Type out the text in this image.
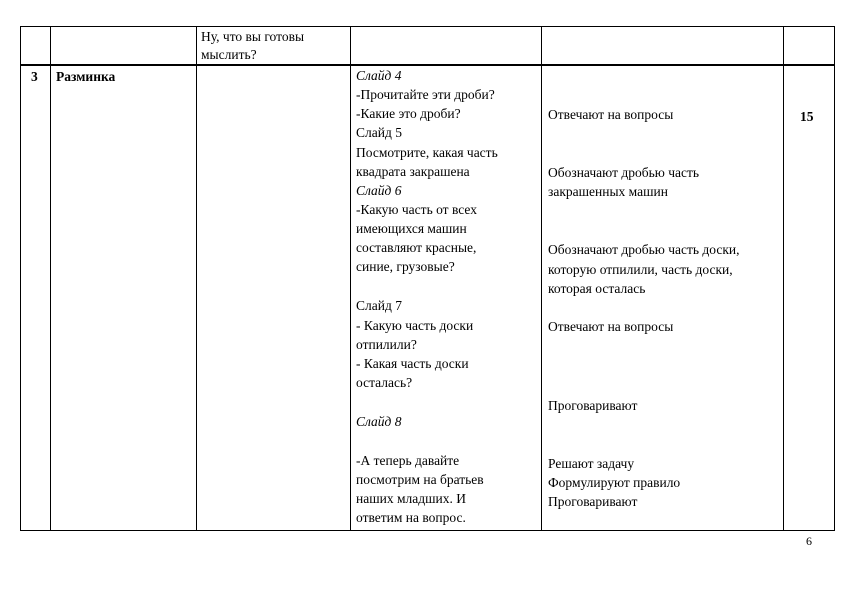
Ну, что вы готовы
мыслить?
3 Разминка
15
Слайд 4
-Прочитайте эти дроби?
-Какие это дроби?
Слайд 5
Посмотрите, какая часть
квадрата закрашена
Слайд 6
-Какую часть от всех
имеющихся машин
составляют красные,
синие, грузовые?
Слайд 7
- Какую часть доски
отпилили?
- Какая часть доски
осталась?
Слайд 8
-А теперь давайте
посмотрим на братьев
наших младших. И
ответим на вопрос.
Отвечают на вопросы
Обозначают дробью часть
закрашенных машин
Обозначают дробью часть доски,
которую отпилили, часть доски,
которая осталась
Отвечают на вопросы
Проговаривают
Решают задачу
Формулируют правило
Проговаривают
6
